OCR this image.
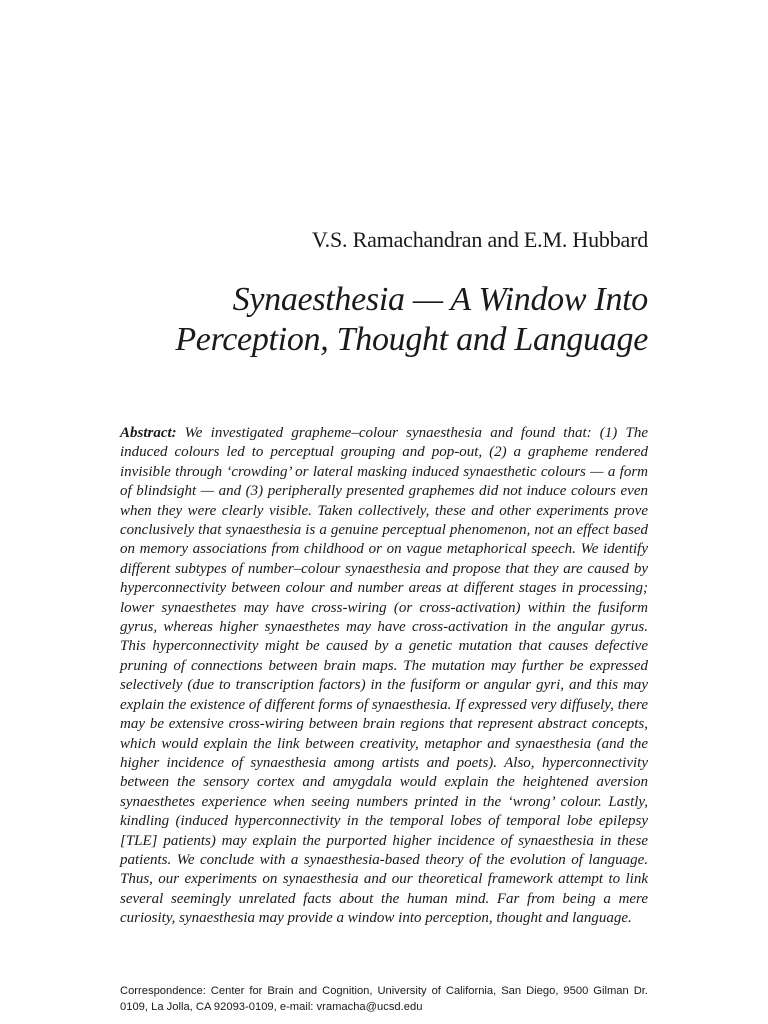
V.S. Ramachandran and E.M. Hubbard
Synaesthesia — A Window Into
Perception, Thought and Language

Abstract: We investigated grapheme–colour synaesthesia and found that: (1) The induced colours led to perceptual grouping and pop-out, (2) a grapheme rendered invisible through ‘crowding’ or lateral masking induced synaesthetic colours — a form of blindsight — and (3) peripherally presented graphemes did not induce colours even when they were clearly visible. Taken collectively, these and other experiments prove conclusively that synaesthesia is a genuine perceptual phenomenon, not an effect based on memory associations from childhood or on vague metaphorical speech. We identify different subtypes of number–colour synaesthesia and propose that they are caused by hyperconnectivity between colour and number areas at different stages in processing; lower synaesthetes may have cross-wiring (or cross-activation) within the fusiform gyrus, whereas higher synaesthetes may have cross-activation in the angular gyrus. This hyperconnectivity might be caused by a genetic mutation that causes defective pruning of connections between brain maps. The mutation may further be expressed selectively (due to transcription factors) in the fusiform or angular gyri, and this may explain the existence of different forms of synaesthesia. If expressed very diffusely, there may be extensive cross-wiring between brain regions that represent abstract concepts, which would explain the link between creativity, metaphor and synaesthesia (and the higher incidence of synaesthesia among artists and poets). Also, hyperconnectivity between the sensory cortex and amygdala would explain the heightened aversion synaesthetes experience when seeing numbers printed in the ‘wrong’ colour. Lastly, kindling (induced hyperconnectivity in the temporal lobes of temporal lobe epilepsy [TLE] patients) may explain the purported higher incidence of synaesthesia in these patients. We conclude with a synaesthesia-based theory of the evolution of language. Thus, our experiments on synaesthesia and our theoretical framework attempt to link several seemingly unrelated facts about the human mind. Far from being a mere curiosity, synaesthesia may provide a window into perception, thought and language.

Correspondence: Center for Brain and Cognition, University of California, San Diego, 9500 Gilman Dr. 0109, La Jolla, CA 92093-0109, e-mail: vramacha@ucsd.edu
